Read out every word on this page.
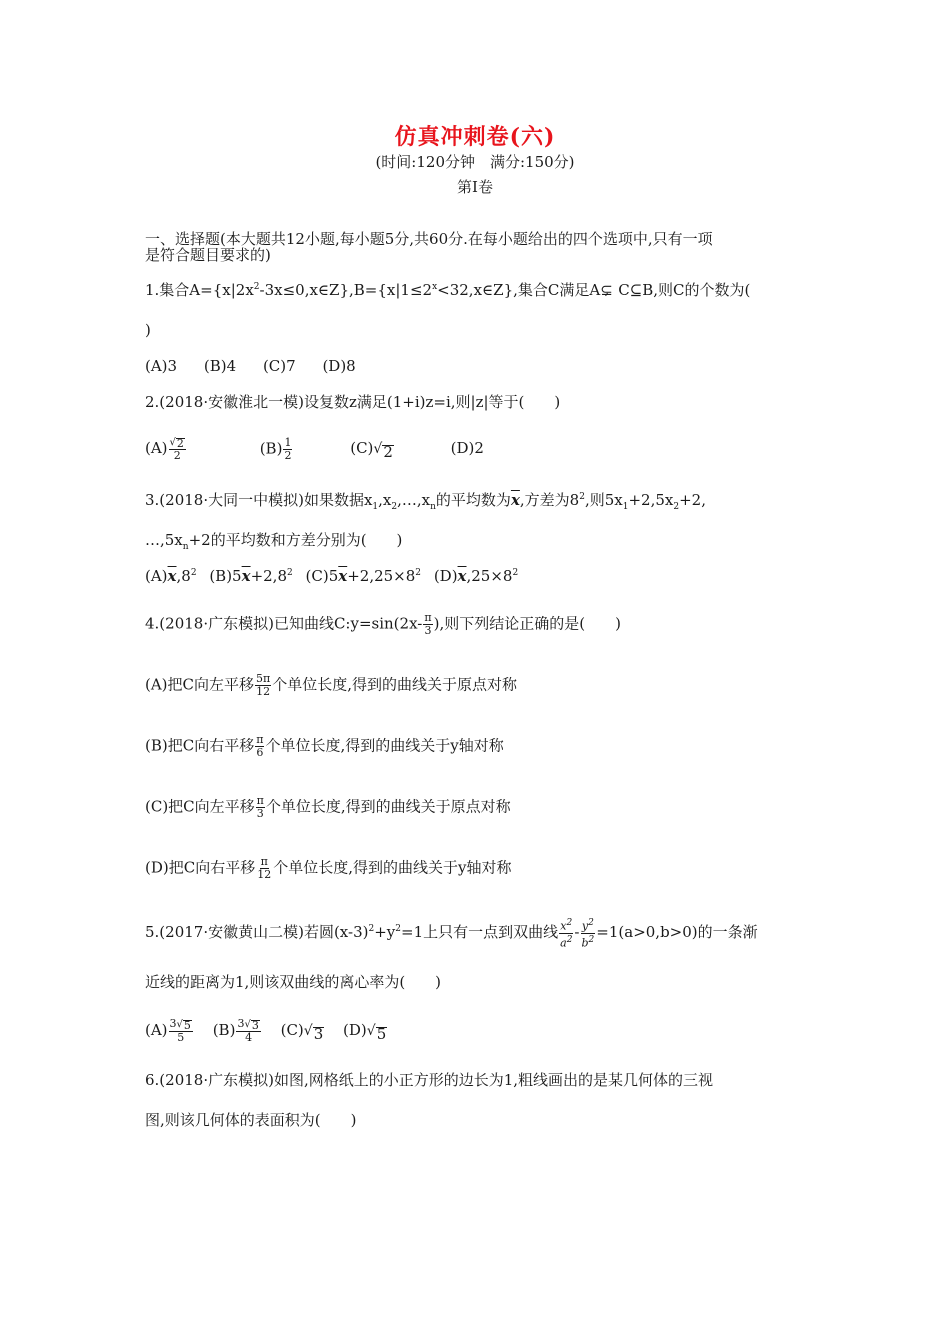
仿真冲刺卷(六)
(时间:120分钟　满分:150分)
第Ⅰ卷
一、选择题(本大题共12小题,每小题5分,共60分.在每小题给出的四个选项中,只有一项
是符合题目要求的)
1.集合$A=\{x|2x^2-3x\le 0,x\in Z\},B=\{x|1\le 2^x<32,x\in Z\}$,集合C满足A ⊊ C⊆B,则C的个数为(
)
(A)3 (B)4 (C)7 (D)8
2.(2018·安徽淮北一模)设复数z满足(1+i)z=i,则|z|等于(　　)
$(A) \frac{√ 2}{2}$	$(B) \frac{1}{2}$	(C) √ 2	(D)2
3.(2018·大同一中模拟)如果数据$x_1,x_2,\dots,x_n$的平均数为$\overline{x}$,方差为$8^2$,则$5x_1+2,5x_2+2$,
$\dots,5x_n+2$的平均数和方差分别为(　　)
$(A)\overline{x},8^2$ $(B)5\overline{x}+2,8^2$ $(C)5\overline{x}+2,25\times 8^2$ $(D)\overline{x},25\times 8^2$
4.(2018·广东模拟)已知曲线C:y=sin(2x- $\frac{\pi}{3}$ ),则下列结论正确的是(　　)
(A)把C向左平移 $\frac{5\pi}{12}$ 个单位长度,得到的曲线关于原点对称
(B)把C向右平移 $\frac{\pi}{6}$ 个单位长度,得到的曲线关于y轴对称
(C)把C向左平移 $\frac{\pi}{3}$ 个单位长度,得到的曲线关于原点对称
(D)把C向右平移 $\frac{\pi}{12}$ 个单位长度,得到的曲线关于y轴对称
5.(2017·安徽黄山二模)若圆$(x-3)^2+y^2=1$上只有一点到双曲线 $\frac{x^2}{a^2} - \frac{y^2}{b^2} =1(a>0,b>0)$的一条渐
近线的距离为1,则该双曲线的离心率为(　　)
$(A) \frac{3 √ 5}{5} (B) \frac{3 √ 3}{4} (C)$ √ 3 (D) √ 5
6.(2018·广东模拟)如图,网格纸上的小正方形的边长为1,粗线画出的是某几何体的三视
图,则该几何体的表面积为(　　)
